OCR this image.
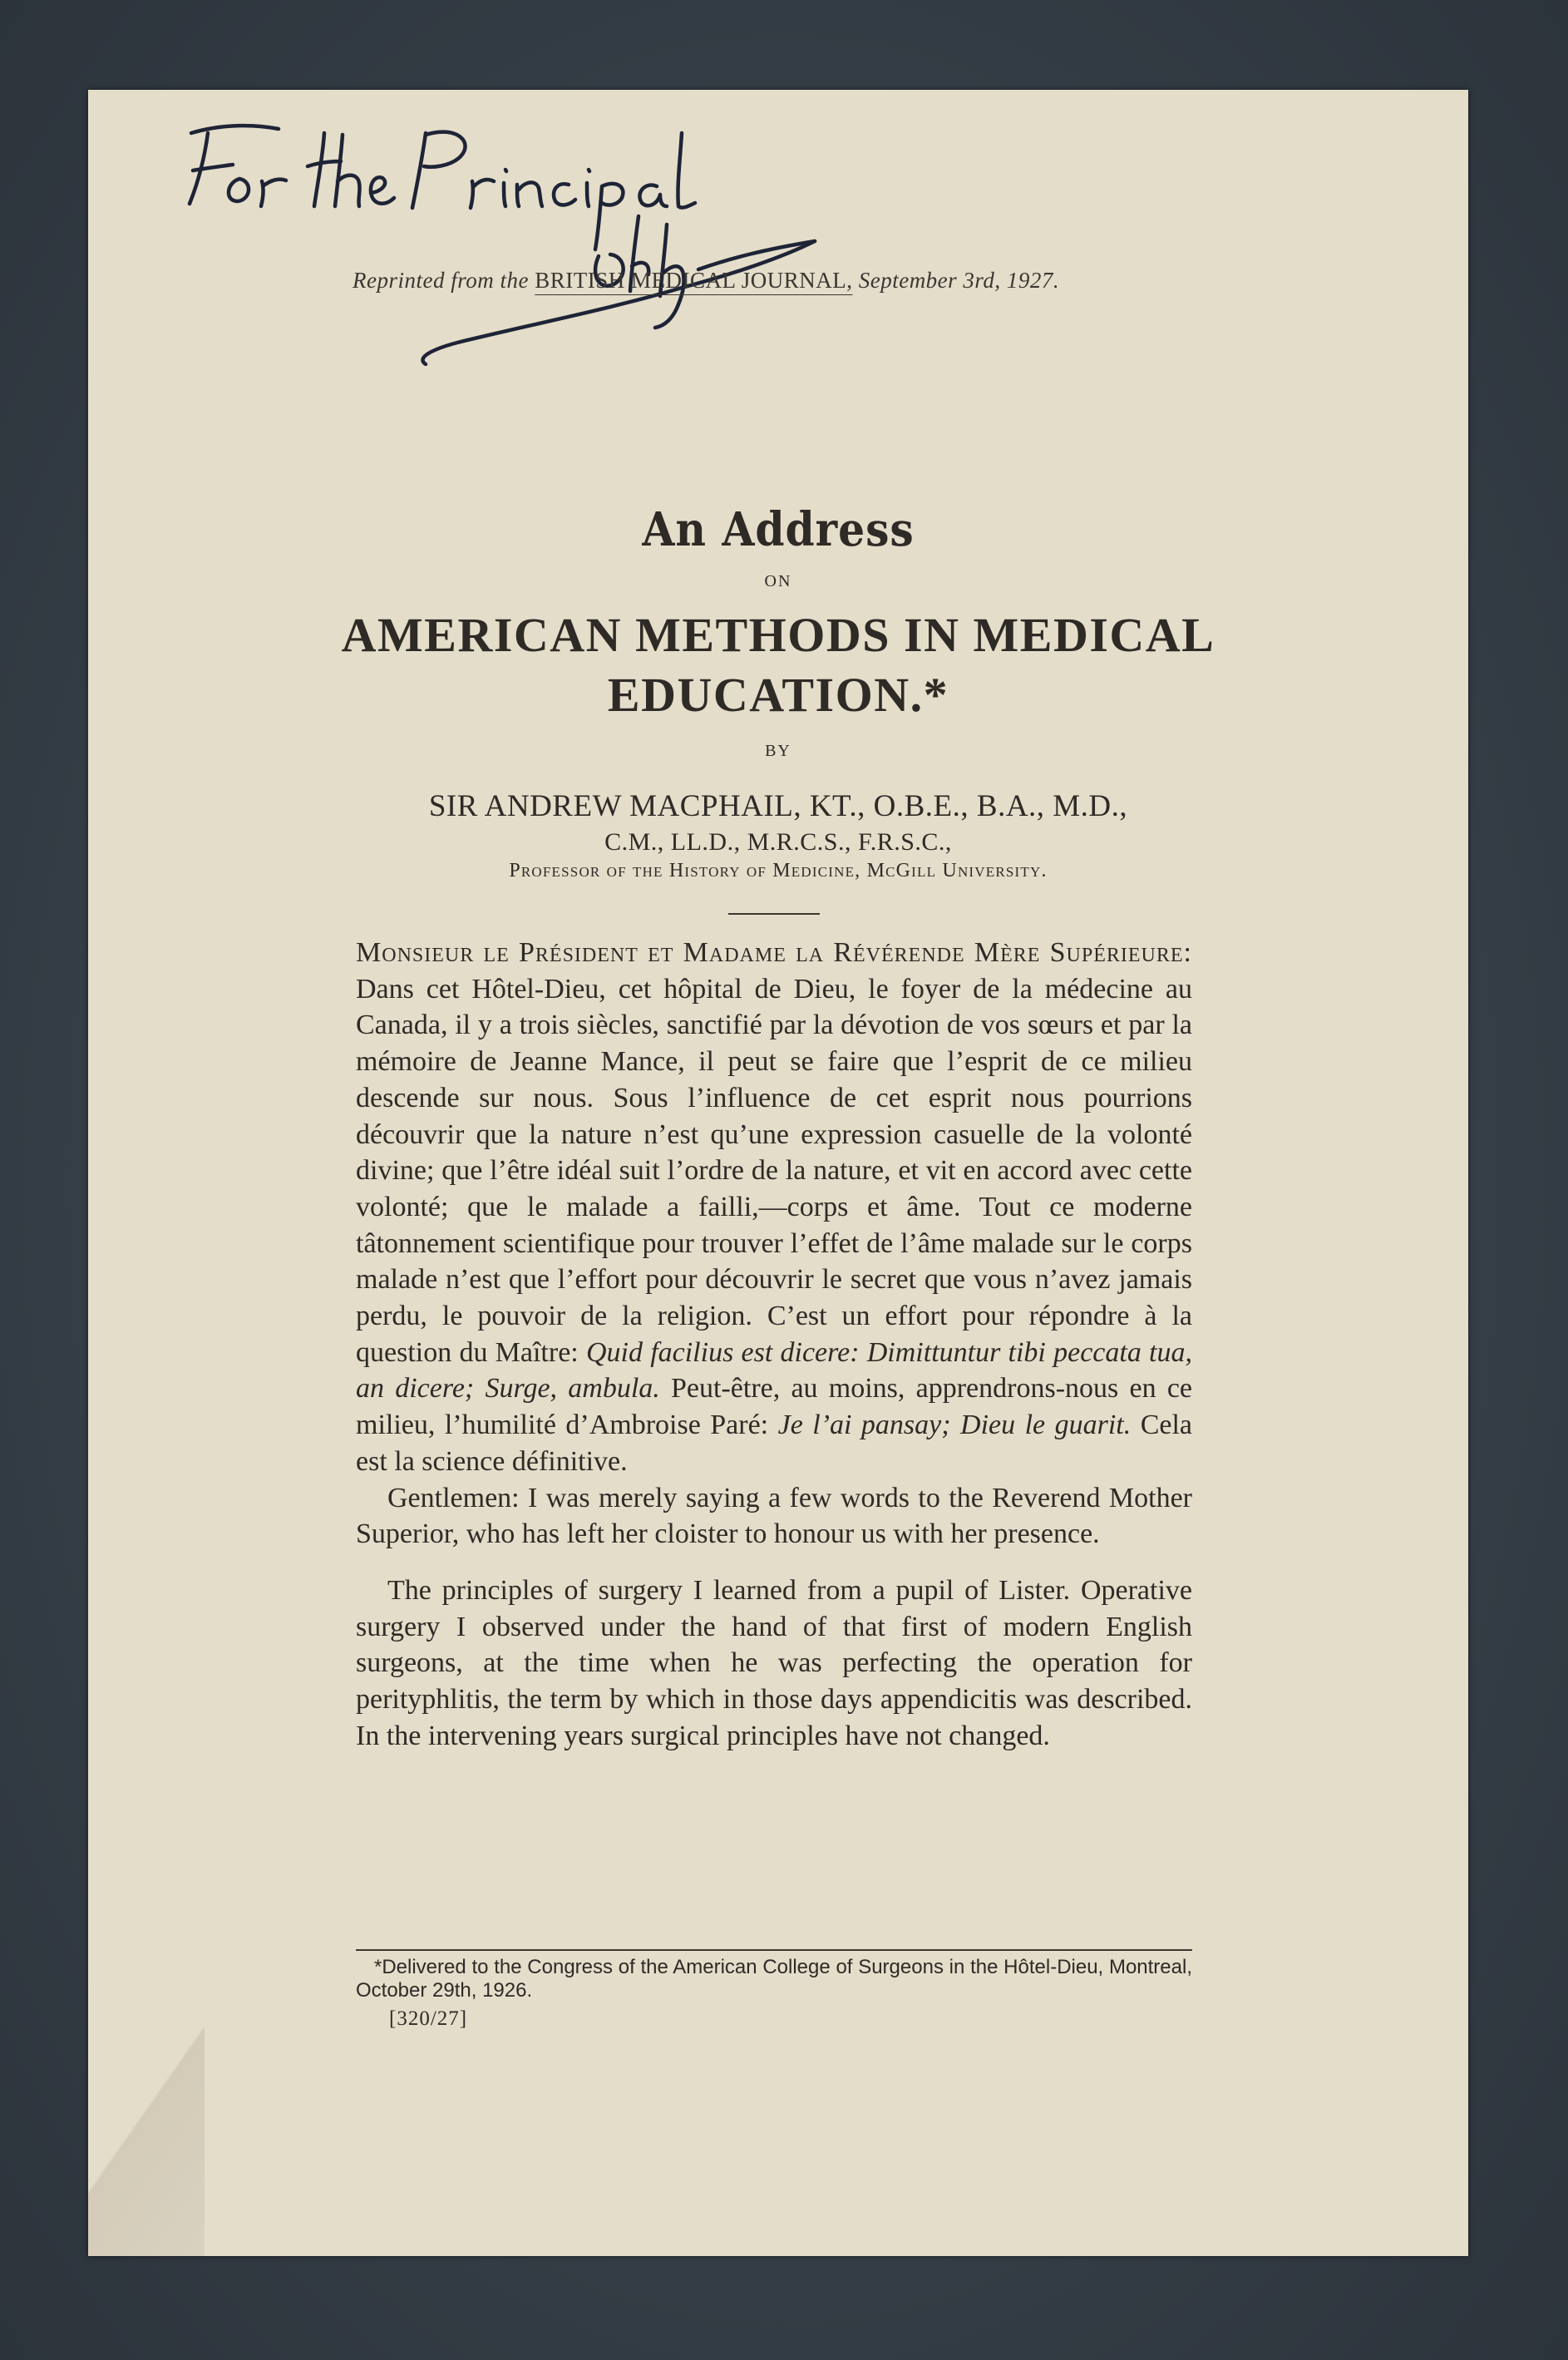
Reprinted from the BRITISH MEDICAL JOURNAL, September 3rd, 1927.
An Address
ON
AMERICAN METHODS IN MEDICAL
EDUCATION.*
BY
SIR ANDREW MACPHAIL, KT., O.B.E., B.A., M.D.,
C.M., LL.D., M.R.C.S., F.R.S.C.,
Professor of the History of Medicine, McGill University.

Monsieur le Président et Madame la Révérende Mère Supérieure: Dans cet Hôtel-Dieu, cet hôpital de Dieu, le foyer de la médecine au Canada, il y a trois siècles, sanctifié par la dévotion de vos sœurs et par la mémoire de Jeanne Mance, il peut se faire que l’esprit de ce milieu descende sur nous. Sous l’influence de cet esprit nous pourrions découvrir que la nature n’est qu’une expression casuelle de la volonté divine; que l’être idéal suit l’ordre de la nature, et vit en accord avec cette volonté; que le malade a failli,—corps et âme. Tout ce moderne tâtonnement scientifique pour trouver l’effet de l’âme malade sur le corps malade n’est que l’effort pour découvrir le secret que vous n’avez jamais perdu, le pouvoir de la religion. C’est un effort pour répondre à la question du Maître: Quid facilius est dicere: Dimittuntur tibi peccata tua, an dicere; Surge, ambula. Peut-être, au moins, apprendrons-nous en ce milieu, l’humilité d’Ambroise Paré: Je l’ai pansay; Dieu le guarit. Cela est la science définitive.

Gentlemen: I was merely saying a few words to the Reverend Mother Superior, who has left her cloister to honour us with her presence.

The principles of surgery I learned from a pupil of Lister. Operative surgery I observed under the hand of that first of modern English surgeons, at the time when he was perfecting the operation for perityphlitis, the term by which in those days appendicitis was described. In the intervening years surgical principles have not changed.

*Delivered to the Congress of the American College of Surgeons in the Hôtel-Dieu, Montreal, October 29th, 1926.
[320/27]
